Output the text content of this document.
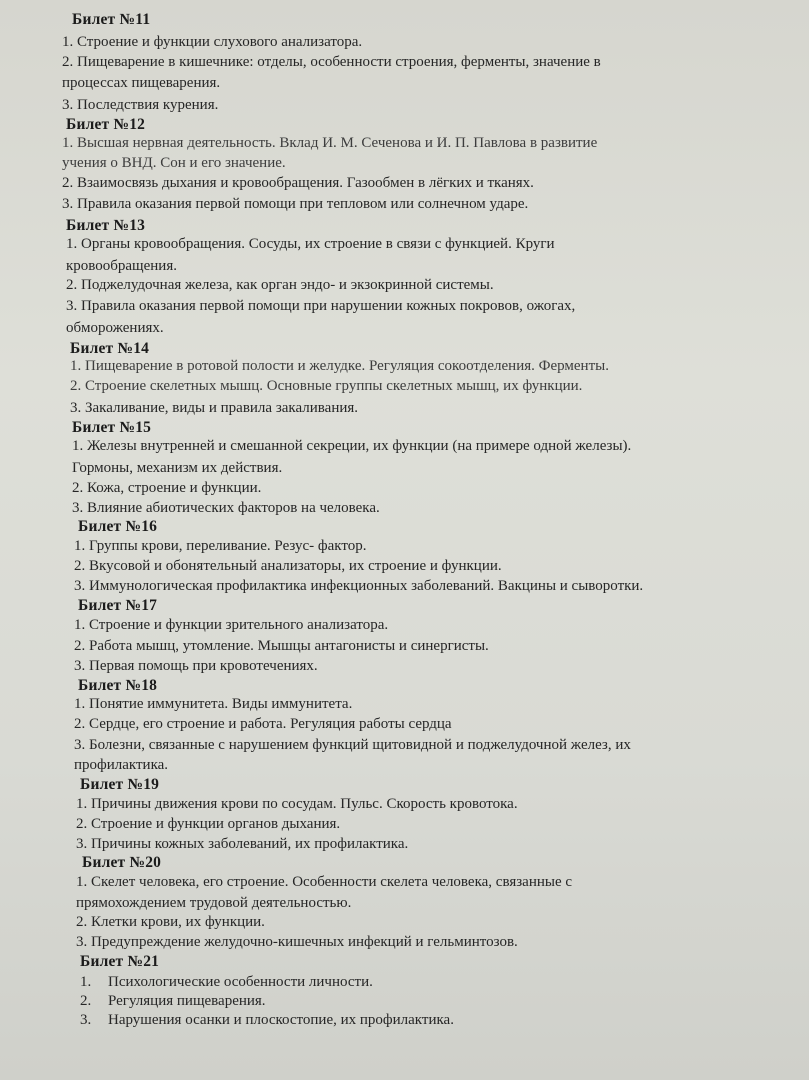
Билет №11
1. Строение и функции слухового анализатора.
2. Пищеварение в кишечнике: отделы, особенности строения, ферменты, значение в
процессах пищеварения.
3. Последствия курения.
Билет №12
1. Высшая нервная деятельность. Вклад И. М. Сеченова и И. П. Павлова в развитие
учения о ВНД. Сон и его значение.
2. Взаимосвязь дыхания и кровообращения. Газообмен в лёгких и тканях.
3. Правила оказания первой помощи при тепловом или солнечном ударе.
Билет №13
1. Органы кровообращения. Сосуды, их строение в связи с функцией. Круги
кровообращения.
2. Поджелудочная железа, как орган эндо- и экзокринной системы.
3. Правила оказания первой помощи при нарушении кожных покровов, ожогах,
обморожениях.
Билет №14
1. Пищеварение в ротовой полости и желудке. Регуляция сокоотделения. Ферменты.
2. Строение скелетных мышц. Основные группы скелетных мышц, их функции.
3. Закаливание, виды и правила закаливания.
Билет №15
1. Железы внутренней и смешанной секреции, их функции (на примере одной железы).
Гормоны, механизм их действия.
2. Кожа, строение и функции.
3. Влияние абиотических факторов на человека.
Билет №16
1. Группы крови, переливание. Резус- фактор.
2. Вкусовой и обонятельный анализаторы, их строение и функции.
3. Иммунологическая профилактика инфекционных заболеваний. Вакцины и сыворотки.
Билет №17
1. Строение и функции зрительного анализатора.
2. Работа мышц, утомление. Мышцы антагонисты и синергисты.
3. Первая помощь при кровотечениях.
Билет №18
1. Понятие иммунитета. Виды иммунитета.
2. Сердце, его строение и работа. Регуляция работы сердца
3. Болезни, связанные с нарушением функций щитовидной и поджелудочной желез, их
профилактика.
Билет №19
1. Причины движения крови по сосудам. Пульс. Скорость кровотока.
2. Строение и функции органов дыхания.
3. Причины кожных заболеваний, их профилактика.
Билет №20
1. Скелет человека, его строение. Особенности скелета человека, связанные с
прямохождением трудовой деятельностью.
2. Клетки крови, их функции.
3. Предупреждение желудочно-кишечных инфекций и гельминтозов.
Билет №21
1. Психологические особенности личности.
2. Регуляция пищеварения.
3. Нарушения осанки и плоскостопие, их профилактика.
